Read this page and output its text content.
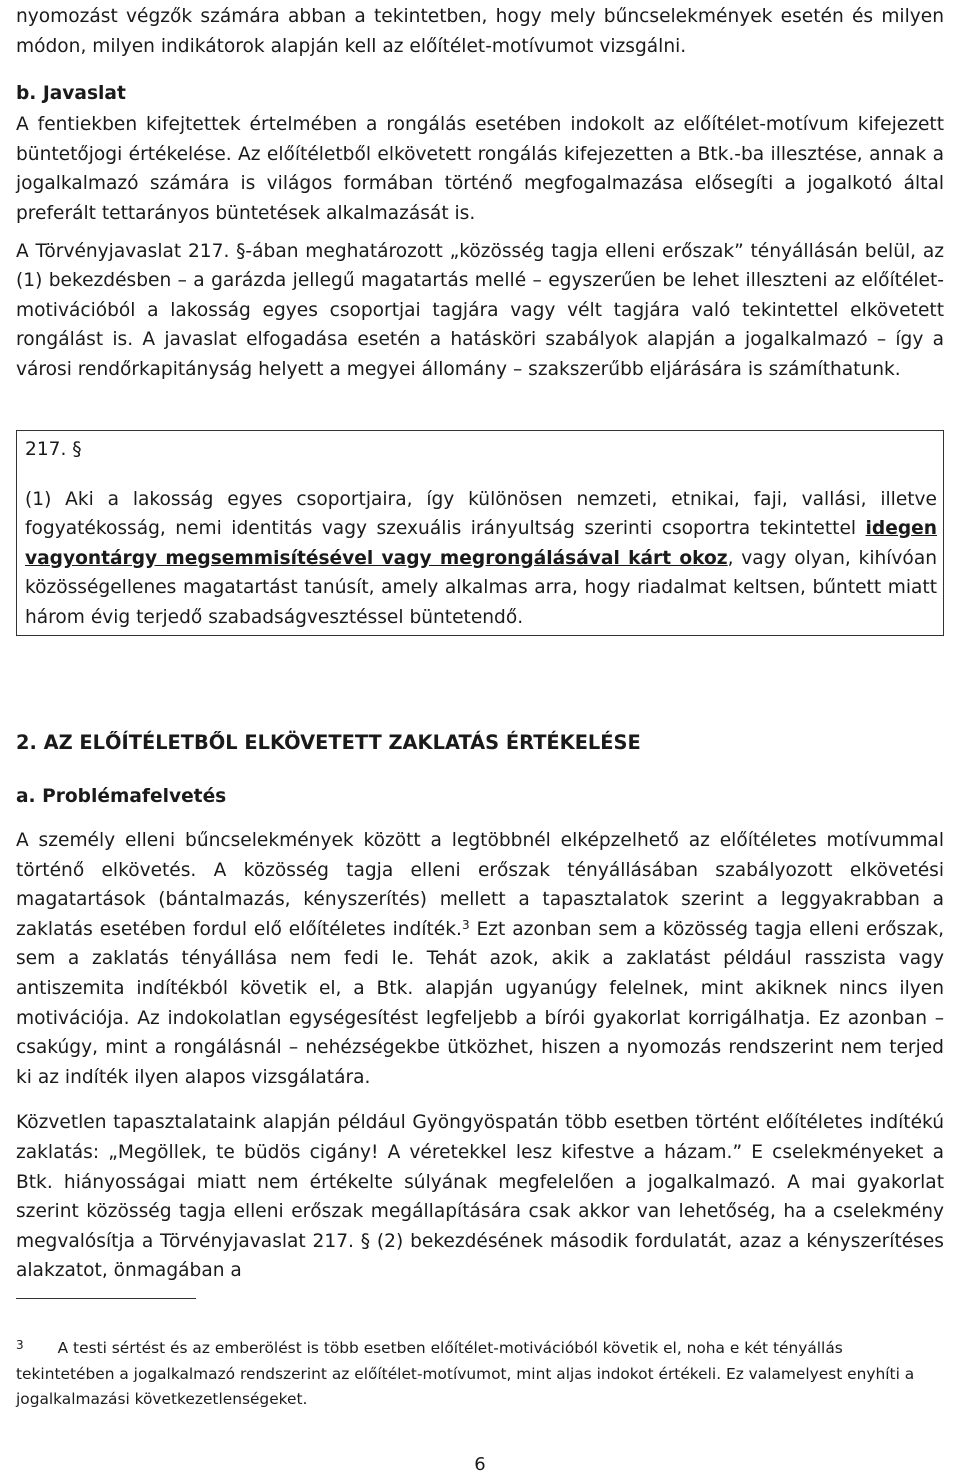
nyomozást végzők számára abban a tekintetben, hogy mely bűncselekmények esetén és milyen módon, milyen indikátorok alapján kell az előítélet-motívumot vizsgálni.

b. Javaslat

A fentiekben kifejtettek értelmében a rongálás esetében indokolt az előítélet-motívum kifejezett büntetőjogi értékelése. Az előítéletből elkövetett rongálás kifejezetten a Btk.-ba illesztése, annak a jogalkalmazó számára is világos formában történő megfogalmazása elősegíti a jogalkotó által preferált tettarányos büntetések alkalmazását is.

A Törvényjavaslat 217. §-ában meghatározott „közösség tagja elleni erőszak” tényállásán belül, az (1) bekezdésben – a garázda jellegű magatartás mellé – egyszerűen be lehet illeszteni az előítélet-motivációból a lakosság egyes csoportjai tagjára vagy vélt tagjára való tekintettel elkövetett rongálást is. A javaslat elfogadása esetén a hatásköri szabályok alapján a jogalkalmazó – így a városi rendőrkapitányság helyett a megyei állomány – szakszerűbb eljárására is számíthatunk.

217. §

(1) Aki a lakosság egyes csoportjaira, így különösen nemzeti, etnikai, faji, vallási, illetve fogyatékosság, nemi identitás vagy szexuális irányultság szerinti csoportra tekintettel idegen vagyontárgy megsemmisítésével vagy megrongálásával kárt okoz, vagy olyan, kihívóan közösségellenes magatartást tanúsít, amely alkalmas arra, hogy riadalmat keltsen, bűntett miatt három évig terjedő szabadságvesztéssel büntetendő.

2. AZ ELŐÍTÉLETBŐL ELKÖVETETT ZAKLATÁS ÉRTÉKELÉSE

a. Problémafelvetés

A személy elleni bűncselekmények között a legtöbbnél elképzelhető az előítéletes motívummal történő elkövetés. A közösség tagja elleni erőszak tényállásában szabályozott elkövetési magatartások (bántalmazás, kényszerítés) mellett a tapasztalatok szerint a leggyakrabban a zaklatás esetében fordul elő előítéletes indíték.$^3$ Ezt azonban sem a közösség tagja elleni erőszak, sem a zaklatás tényállása nem fedi le. Tehát azok, akik a zaklatást például rasszista vagy antiszemita indítékból követik el, a Btk. alapján ugyanúgy felelnek, mint akiknek nincs ilyen motivációja. Az indokolatlan egységesítést legfeljebb a bírói gyakorlat korrigálhatja. Ez azonban – csakúgy, mint a rongálásnál – nehézségekbe ütközhet, hiszen a nyomozás rendszerint nem terjed ki az indíték ilyen alapos vizsgálatára.

Közvetlen tapasztalataink alapján például Gyöngyöspatán több esetben történt előítéletes indítékú zaklatás: „Megöllek, te büdös cigány! A véretekkel lesz kifestve a házam.” E cselekményeket a Btk. hiányosságai miatt nem értékelte súlyának megfelelően a jogalkalmazó. A mai gyakorlat szerint közösség tagja elleni erőszak megállapítására csak akkor van lehetőség, ha a cselekmény megvalósítja a Törvényjavaslat 217. § (2) bekezdésének második fordulatát, azaz a kényszerítéses alakzatot, önmagában a

$^3$ A testi sértést és az emberölést is több esetben előítélet-motivációból követik el, noha e két tényállás tekintetében a jogalkalmazó rendszerint az előítélet-motívumot, mint aljas indokot értékeli. Ez valamelyest enyhíti a jogalkalmazási következetlenségeket.

6
